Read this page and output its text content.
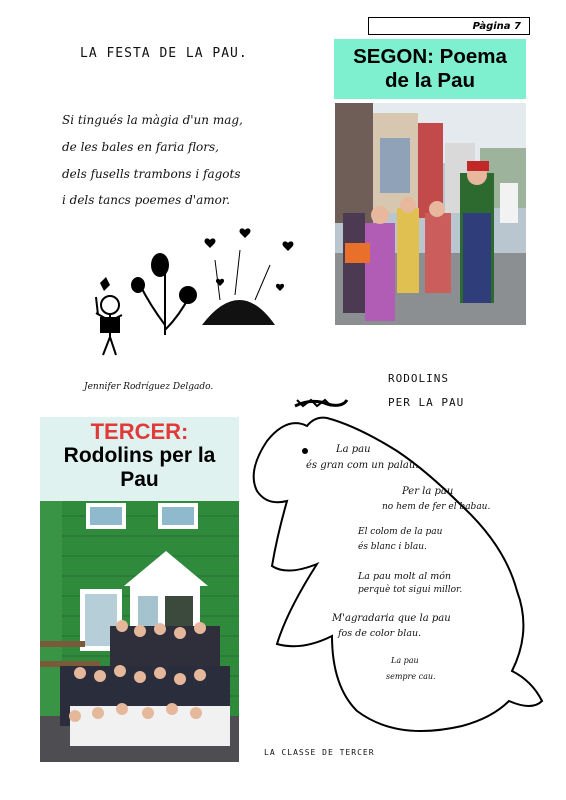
Pàgina 7
LA FESTA DE LA PAU.
Si tingués la màgia d'un mag,
de les bales en faria flors,
dels fusells trambons i fagots
i dels tancs poemes d'amor.
Jennifer Rodríguez Delgado.
SEGON: Poema
de la Pau
TERCER:
Rodolins per la
Pau
RODOLINS
PER LA PAU
La pau
és gran com un palau.
Per la pau
no hem de fer el babau.
El colom de la pau
és blanc i blau.
La pau molt al món
perquè tot sigui millor.
M'agradaria que la pau
fos de color blau.
La pau
sempre cau.
LA CLASSE DE TERCER
